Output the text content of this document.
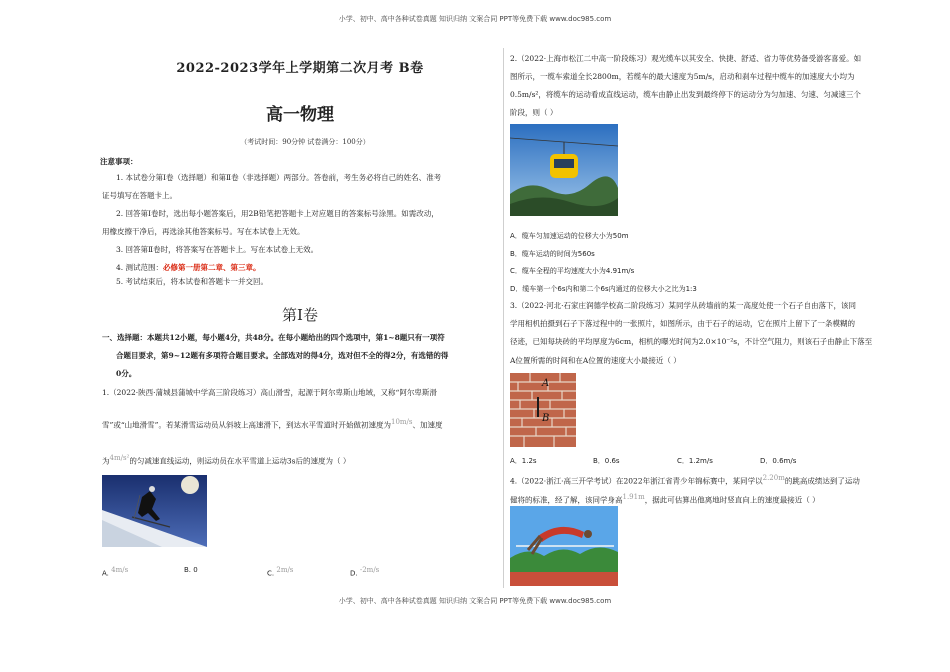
小学、初中、高中各种试卷真题 知识归纳 文案合同 PPT等免费下载 www.doc985.com
2022-2023学年上学期第二次月考 B卷
高一物理
（考试时间：90分钟 试卷满分：100分）
注意事项：
1. 本试卷分第Ⅰ卷（选择题）和第Ⅱ卷（非选择题）两部分。答卷前，考生务必将自己的姓名、准考
证号填写在答题卡上。
2. 回答第Ⅰ卷时，选出每小题答案后，用2B铅笔把答题卡上对应题目的答案标号涂黑。如需改动，
用橡皮擦干净后，再选涂其他答案标号。写在本试卷上无效。
3. 回答第Ⅱ卷时，将答案写在答题卡上。写在本试卷上无效。
4. 测试范围：必修第一册第二章、第三章。
5. 考试结束后，将本试卷和答题卡一并交回。
第Ⅰ卷
一、选择题：本题共12小题，每小题4分，共48分。在每小题给出的四个选项中，第1~8题只有一项符
合题目要求，第9~12题有多项符合题目要求。全部选对的得4分，选对但不全的得2分，有选错的得
0分。
1.（2022·陕西·蒲城县蒲城中学高三阶段练习）高山滑雪，起源于阿尔卑斯山地域，又称“阿尔卑斯滑
雪”或“山地滑雪”。若某滑雪运动员从斜坡上高速滑下，到达水平雪道时开始做初速度为$^{10m/s}$、加速度
为$^{4m/s^2}$的匀减速直线运动，则运动员在水平雪道上运动3s后的速度为（ ）
A. $^{4m/s}$	B. 0	C. $^{2m/s}$	D. $^{-2m/s}$
2.（2022·上海市松江二中高一阶段练习）观光缆车以其安全、快捷、舒适、省力等优势备受游客喜爱。如
图所示，一缆车索道全长2800m，若缆车的最大速度为5m/s，启动和刹车过程中缆车的加速度大小均为
0.5m/s²，将缆车的运动看成直线运动，缆车由静止出发到最终停下的运动分为匀加速、匀速、匀减速三个
阶段，则（ ）
A．缆车匀加速运动的位移大小为50m
B．缆车运动的时间为560s
C．缆车全程的平均速度大小为4.91m/s
D．缆车第一个6s内和第二个6s内通过的位移大小之比为1:3
3.（2022·河北·石家庄润德学校高二阶段练习）某同学从砖墙前的某一高度处使一个石子自由落下，该同
学用相机拍摄到石子下落过程中的一张照片，如图所示，由于石子的运动，它在照片上留下了一条模糊的
径迹，已知每块砖的平均厚度为6cm，相机的曝光时间为2.0×10⁻²s，不计空气阻力，则该石子由静止下落至
A位置所需的时间和在A位置的速度大小最接近（ ）
A
B
A．1.2s	B．0.6s	C．1.2m/s	D．0.6m/s
4.（2022·浙江·高三开学考试）在2022年浙江省青少年锦标赛中，某同学以$^{2.20m}$的跳高成绩达到了运动
健将的标准，经了解，该同学身高$^{1.91m}$，据此可估算出他离地时竖直向上的速度最接近（ ）
小学、初中、高中各种试卷真题 知识归纳 文案合同 PPT等免费下载 www.doc985.com
